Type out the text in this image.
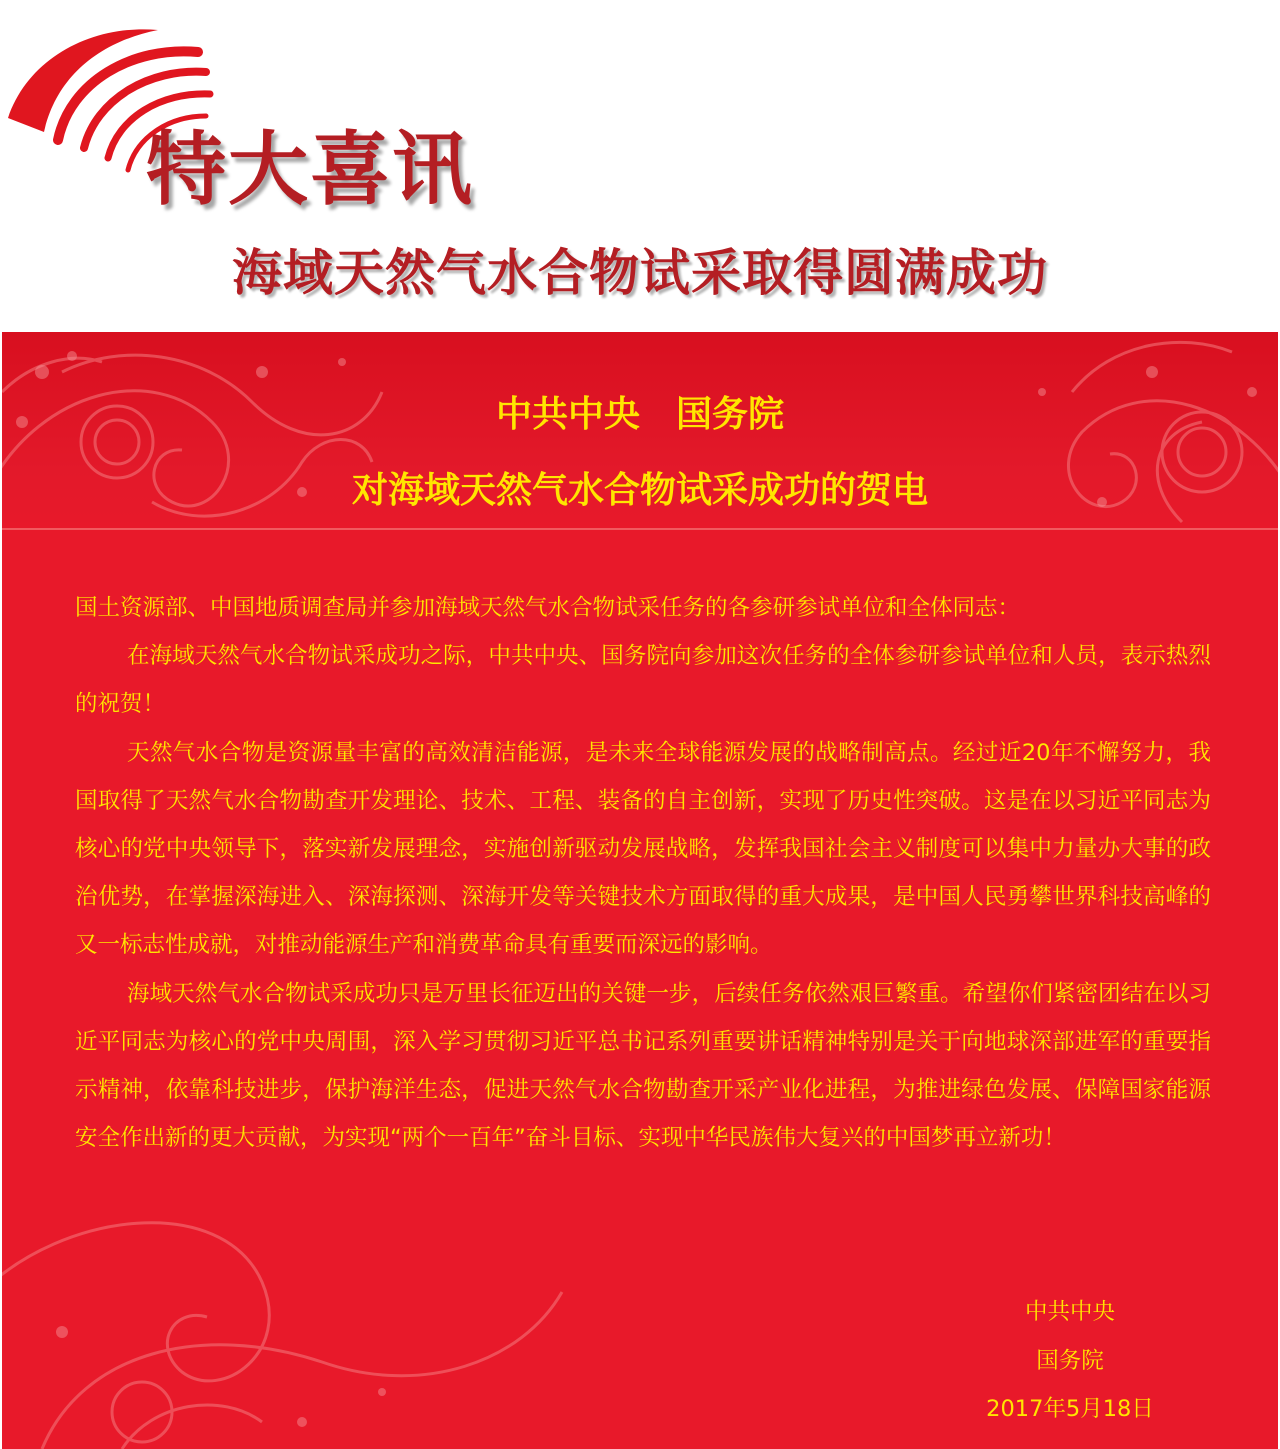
特大喜讯
海域天然气水合物试采取得圆满成功
中共中央　国务院
对海域天然气水合物试采成功的贺电

国土资源部、中国地质调查局并参加海域天然气水合物试采任务的各参研参试单位和全体同志：

在海域天然气水合物试采成功之际，中共中央、国务院向参加这次任务的全体参研参试单位和人员，表示热烈的祝贺！

天然气水合物是资源量丰富的高效清洁能源，是未来全球能源发展的战略制高点。经过近20年不懈努力，我国取得了天然气水合物勘查开发理论、技术、工程、装备的自主创新，实现了历史性突破。这是在以习近平同志为核心的党中央领导下，落实新发展理念，实施创新驱动发展战略，发挥我国社会主义制度可以集中力量办大事的政治优势，在掌握深海进入、深海探测、深海开发等关键技术方面取得的重大成果，是中国人民勇攀世界科技高峰的又一标志性成就，对推动能源生产和消费革命具有重要而深远的影响。

海域天然气水合物试采成功只是万里长征迈出的关键一步，后续任务依然艰巨繁重。希望你们紧密团结在以习近平同志为核心的党中央周围，深入学习贯彻习近平总书记系列重要讲话精神特别是关于向地球深部进军的重要指示精神，依靠科技进步，保护海洋生态，促进天然气水合物勘查开采产业化进程，为推进绿色发展、保障国家能源安全作出新的更大贡献，为实现“两个一百年”奋斗目标、实现中华民族伟大复兴的中国梦再立新功！

中共中央
国务院
2017年5月18日
